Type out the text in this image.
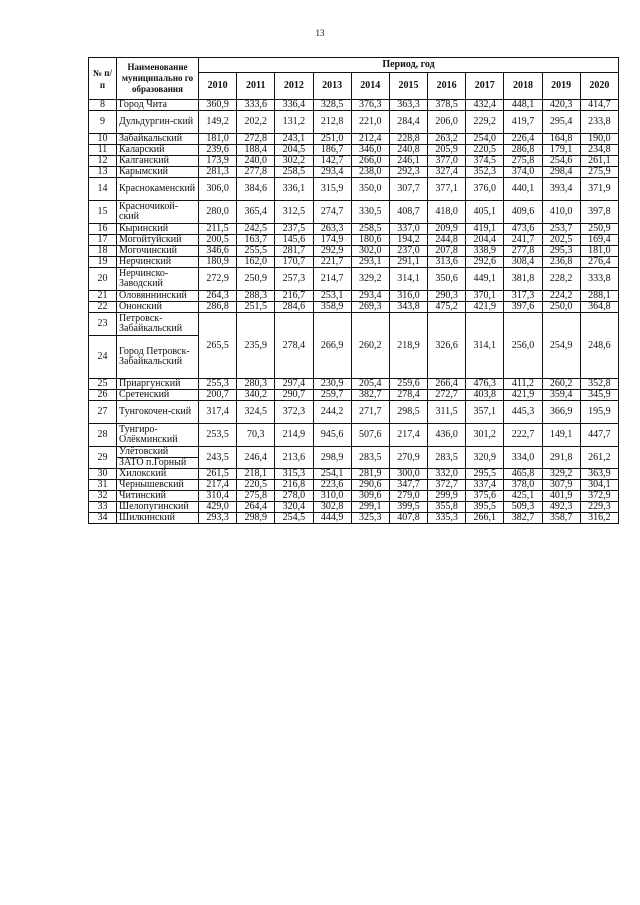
13
№ п/п	Наименование муниципально го образования	Период, год										
		2010	2011	2012	2013	2014	2015	2016	2017	2018	2019	2020
8	Город Чита	360,9	333,6	336,4	328,5	376,3	363,3	378,5	432,4	448,1	420,3	414,7
9	Дульдургин-ский	149,2	202,2	131,2	212,8	221,0	284,4	206,0	229,2	419,7	295,4	233,8
10	Забайкальский	181,0	272,8	243,1	251,0	212,4	228,8	263,2	254,0	226,4	164,8	190,0
11	Каларский	239,6	188,4	204,5	186,7	346,0	240,8	205,9	220,5	286,8	179,1	234,8
12	Калганский	173,9	240,0	302,2	142,7	266,0	246,1	377,0	374,5	275,8	254,6	261,1
13	Карымский	281,3	277,8	258,5	293,4	238,0	292,3	327,4	352,3	374,0	298,4	275,9
14	Краснокаменский	306,0	384,6	336,1	315,9	350,0	307,7	377,1	376,0	440,1	393,4	371,9
15	Красночикой-ский	280,0	365,4	312,5	274,7	330,5	408,7	418,0	405,1	409,6	410,0	397,8
16	Кыринский	211,5	242,5	237,5	263,3	258,5	337,0	209,9	419,1	473,6	253,7	250,9
17	Могойтуйский	200,5	163,7	145,6	174,9	180,6	194,2	244,8	204,4	241,7	202,5	169,4
18	Могочинский	346,6	255,5	281,7	292,9	302,0	237,0	207,8	338,9	277,8	295,3	181,0
19	Нерчинский	180,9	162,0	170,7	221,7	293,1	291,1	313,6	292,6	308,4	236,8	276,4
20	Нерчинско-Заводский	272,9	250,9	257,3	214,7	329,2	314,1	350,6	449,1	381,8	228,2	333,8
21	Оловяннинский	264,3	288,3	216,7	253,1	293,4	316,0	290,3	370,1	317,3	224,2	288,1
22	Ононский	286,8	251,5	284,6	358,9	269,3	343,8	475,2	421,9	397,6	250,0	364,8
23	Петровск-Забайкальский	265,5	235,9	278,4	266,9	260,2	218,9	326,6	314,1	256,0	254,9	248,6
24	Город Петровск-Забайкальский											
25	Приаргунский	255,3	280,3	297,4	230,9	205,4	259,6	266,4	476,3	411,2	260,2	352,8
26	Сретенский	200,7	340,2	290,7	259,7	382,7	278,4	272,7	403,8	421,9	359,4	345,9
27	Тунгокочен-ский	317,4	324,5	372,3	244,2	271,7	298,5	311,5	357,1	445,3	366,9	195,9
28	Тунгиро-Олёкминский	253,5	70,3	214,9	945,6	507,6	217,4	436,0	301,2	222,7	149,1	447,7
29	Улётовский	243,5	246,4	213,6	298,9	283,5	270,9	283,5	320,9	334,0	291,8	261,2
	ЗАТО п.Горный											
30	Хилокский	261,5	218,1	315,3	254,1	281,9	300,0	332,0	295,5	465,8	329,2	363,9
31	Чернышевский	217,4	220,5	216,8	223,6	290,6	347,7	372,7	337,4	378,0	307,9	304,1
32	Читинский	310,4	275,8	278,0	310,0	309,6	279,0	299,9	375,6	425,1	401,9	372,9
33	Шелопугинский	429,0	264,4	320,4	302,8	299,1	399,5	355,8	395,5	509,3	492,3	229,3
34	Шилкинский	293,3	298,9	254,5	444,9	325,3	407,8	335,3	266,1	382,7	358,7	316,2
